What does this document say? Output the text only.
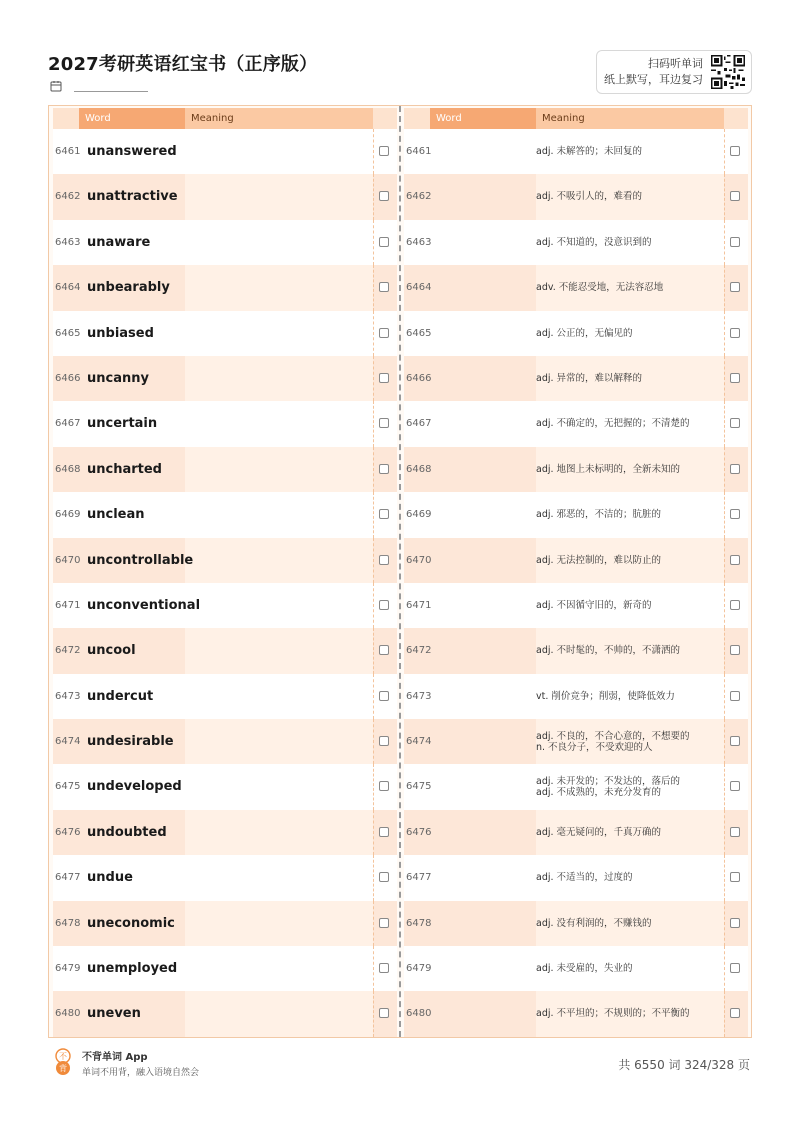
2027考研英语红宝书（正序版）	扫码听单词
纸上默写，耳边复习
Word	Meaning
6461 unanswered
6462 unattractive
6463 unaware
6464 unbearably
6465 unbiased
6466 uncanny
6467 uncertain
6468 uncharted
6469 unclean
6470 uncontrollable
6471 unconventional
6472 uncool
6473 undercut
6474 undesirable
6475 undeveloped
6476 undoubted
6477 undue
6478 uneconomic
6479 unemployed
6480 uneven
Word	Meaning
6461	adj. 未解答的；未回复的
6462	adj. 不吸引人的，难看的
6463	adj. 不知道的，没意识到的
6464	adv. 不能忍受地，无法容忍地
6465	adj. 公正的，无偏见的
6466	adj. 异常的，难以解释的
6467	adj. 不确定的，无把握的；不清楚的
6468	adj. 地图上未标明的，全新未知的
6469	adj. 邪恶的，不洁的；肮脏的
6470	adj. 无法控制的，难以防止的
6471	adj. 不因循守旧的，新奇的
6472	adj. 不时髦的，不帅的，不潇洒的
6473	vt. 削价竞争；削弱，使降低效力
6474	adj. 不良的，不合心意的，不想要的
n. 不良分子，不受欢迎的人
6475	adj. 未开发的；不发达的，落后的
adj. 不成熟的，未充分发育的
6476	adj. 毫无疑问的，千真万确的
6477	adj. 不适当的，过度的
6478	adj. 没有利润的，不赚钱的
6479	adj. 未受雇的，失业的
6480	adj. 不平坦的；不规则的；不平衡的
不
背
不背单词 App
单词不用背，融入语境自然会
共 6550 词 324/328 页
